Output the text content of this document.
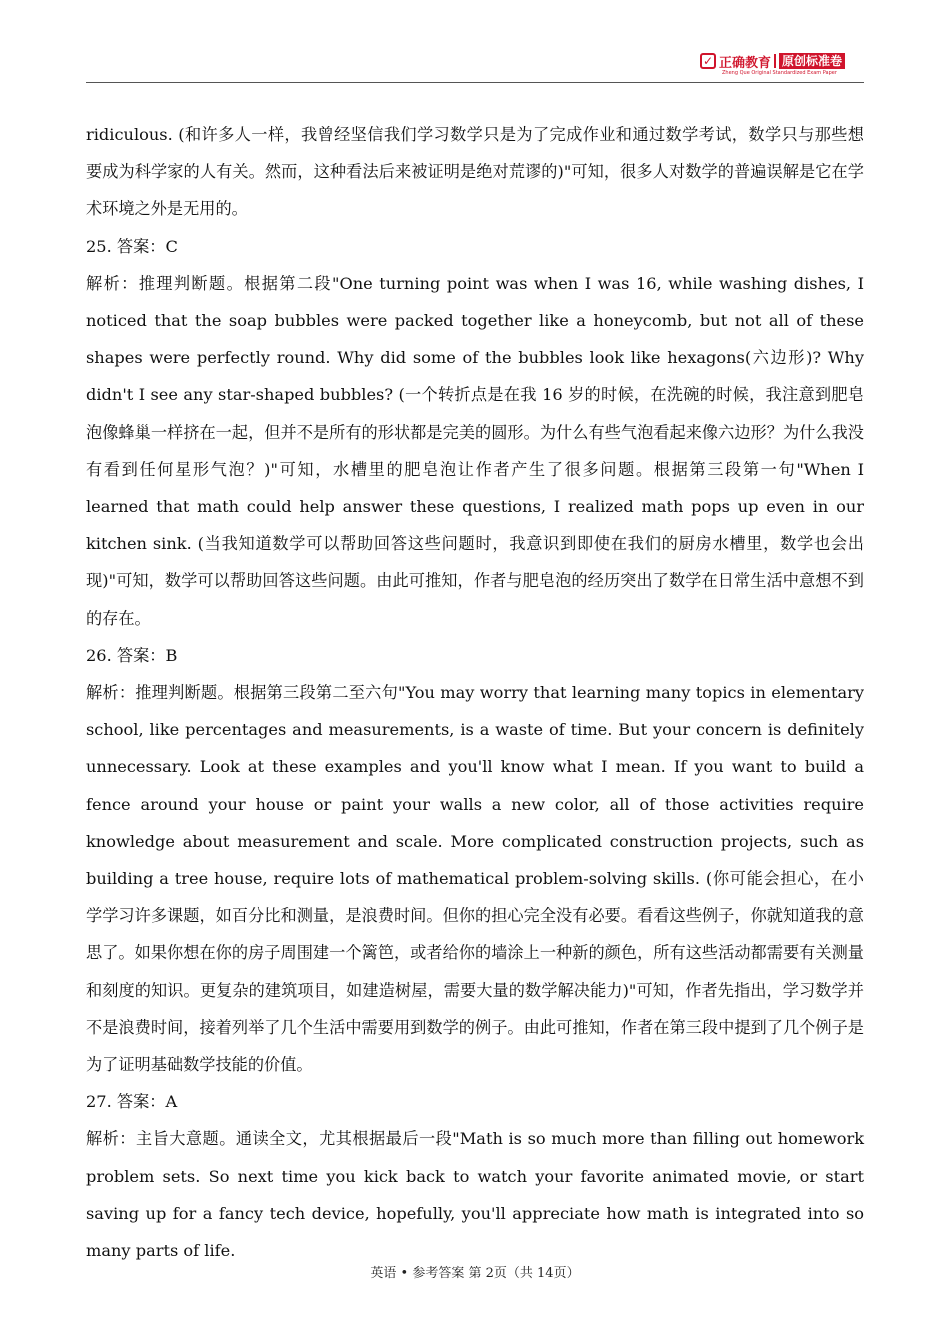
✓ 正确教育 原创标准卷
Zheng Que Original Standardized Exam Paper

ridiculous. (和许多人一样，我曾经坚信我们学习数学只是为了完成作业和通过数学考试，数学只与那些想要成为科学家的人有关。然而，这种看法后来被证明是绝对荒谬的)"可知，很多人对数学的普遍误解是它在学术环境之外是无用的。

25. 答案：C

解析：推理判断题。根据第二段"One turning point was when I was 16, while washing dishes, I noticed that the soap bubbles were packed together like a honeycomb, but not all of these shapes were perfectly round. Why did some of the bubbles look like hexagons(六边形)? Why didn't I see any star-shaped bubbles? (一个转折点是在我 16 岁的时候，在洗碗的时候，我注意到肥皂泡像蜂巢一样挤在一起，但并不是所有的形状都是完美的圆形。为什么有些气泡看起来像六边形？为什么我没有看到任何星形气泡？)"可知，水槽里的肥皂泡让作者产生了很多问题。根据第三段第一句"When I learned that math could help answer these questions, I realized math pops up even in our kitchen sink. (当我知道数学可以帮助回答这些问题时，我意识到即使在我们的厨房水槽里，数学也会出现)"可知，数学可以帮助回答这些问题。由此可推知，作者与肥皂泡的经历突出了数学在日常生活中意想不到的存在。

26. 答案：B

解析：推理判断题。根据第三段第二至六句"You may worry that learning many topics in elementary school, like percentages and measurements, is a waste of time. But your concern is definitely unnecessary. Look at these examples and you'll know what I mean. If you want to build a fence around your house or paint your walls a new color, all of those activities require knowledge about measurement and scale. More complicated construction projects, such as building a tree house, require lots of mathematical problem-solving skills. (你可能会担心，在小学学习许多课题，如百分比和测量，是浪费时间。但你的担心完全没有必要。看看这些例子，你就知道我的意思了。如果你想在你的房子周围建一个篱笆，或者给你的墙涂上一种新的颜色，所有这些活动都需要有关测量和刻度的知识。更复杂的建筑项目，如建造树屋，需要大量的数学解决能力)"可知，作者先指出，学习数学并不是浪费时间，接着列举了几个生活中需要用到数学的例子。由此可推知，作者在第三段中提到了几个例子是为了证明基础数学技能的价值。

27. 答案：A

解析：主旨大意题。通读全文，尤其根据最后一段"Math is so much more than filling out homework problem sets. So next time you kick back to watch your favorite animated movie, or start saving up for a fancy tech device, hopefully, you'll appreciate how math is integrated into so many parts of life.

英语 • 参考答案 第 2页（共 14页）
